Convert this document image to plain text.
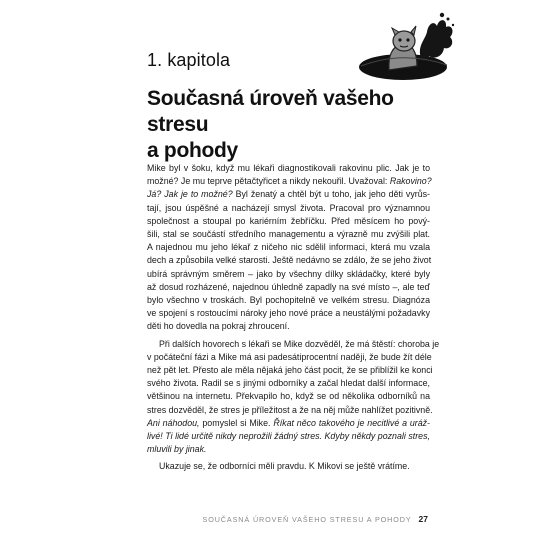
1. kapitola
Současná úroveň vašeho stresu
a pohody
Mike byl v šoku, když mu lékaři diagnostikovali rakovinu plic. Jak je to
možné? Je mu teprve pětačtyřicet a nikdy nekouřil. Uvažoval: Rakovino?
Já? Jak je to možné? Byl ženatý a chtěl být u toho, jak jeho děti vyrůs-
tají, jsou úspěšné a nacházejí smysl života. Pracoval pro významnou
společnost a stoupal po kariérním žebříčku. Před měsícem ho pový-
šili, stal se součástí středního managementu a výrazně mu zvýšili plat.
A najednou mu jeho lékař z ničeho nic sdělil informaci, která mu vzala
dech a způsobila velké starosti. Ještě nedávno se zdálo, že se jeho život
ubírá správným směrem – jako by všechny dílky skládačky, které byly
až dosud rozházené, najednou úhledně zapadly na své místo –, ale teď
bylo všechno v troskách. Byl pochopitelně ve velkém stresu. Diagnóza
ve spojení s rostoucími nároky jeho nové práce a neustálými požadavky
děti ho dovedla na pokraj zhroucení.
Při dalších hovorech s lékaři se Mike dozvěděl, že má štěstí: choroba je
v počáteční fázi a Mike má asi padesátiprocentní naději, že bude žít déle
než pět let. Přesto ale měla nějaká jeho část pocit, že se přiblížil ke konci
svého života. Radil se s jinými odborníky a začal hledat další informace,
většinou na internetu. Překvapilo ho, když se od několika odborníků na
stres dozvěděl, že stres je příležitost a že na něj může nahlížet pozitivně.
Ani náhodou, pomyslel si Mike. Říkat něco takového je necitlivé a uráž-
livé! Ti lidé určitě nikdy neprožili žádný stres. Kdyby někdy poznali stres,
mluvili by jinak.
Ukazuje se, že odborníci měli pravdu. K Mikovi se ještě vrátíme.
SOUČASNÁ ÚROVEŇ VAŠEHO STRESU A POHODY 27
